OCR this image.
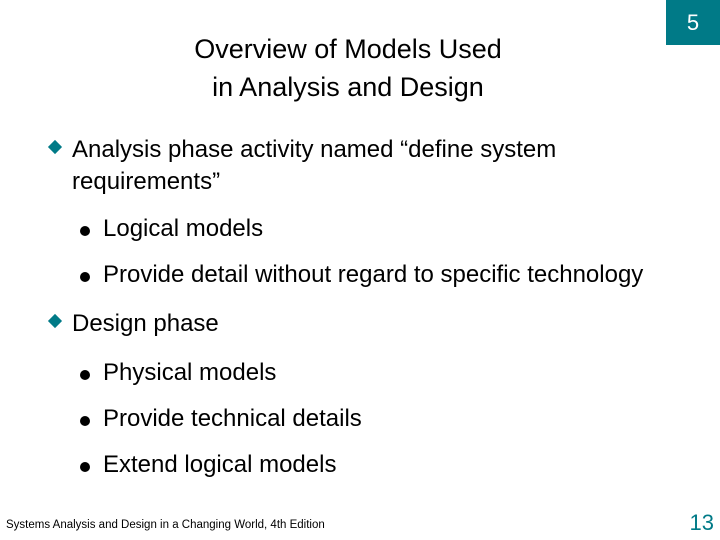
5
Overview of Models Used
in Analysis and Design
Analysis phase activity named “define system requirements”
Logical models
Provide detail without regard to specific technology
Design phase
Physical models
Provide technical details
Extend logical models
Systems Analysis and Design in a Changing World, 4th Edition	13
